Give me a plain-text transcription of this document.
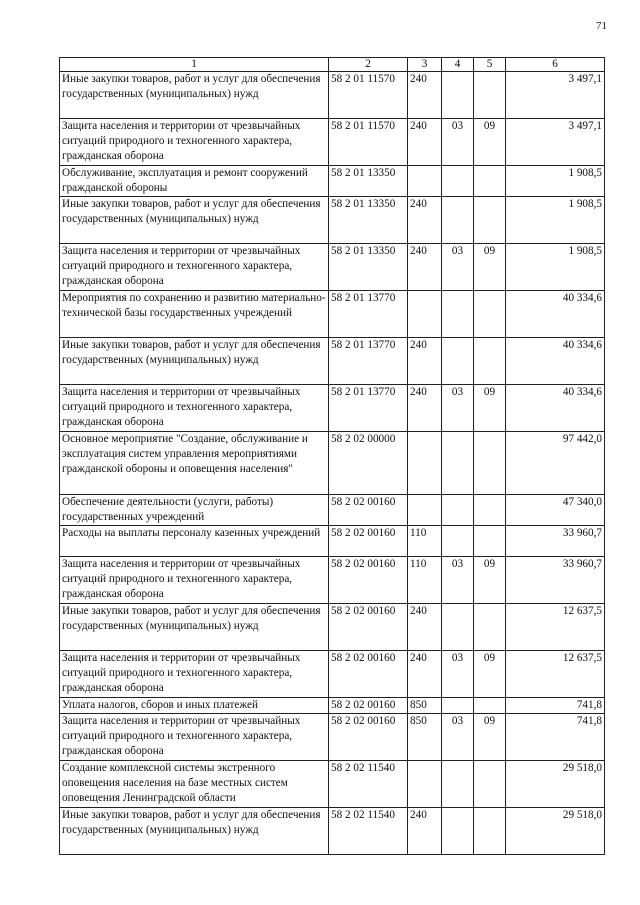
71
1	2	3	4	5	6
Иные закупки товаров, работ и услуг для обеспечения государственных (муниципальных) нужд	58 2 01 11570	240			3 497,1
Защита населения и территории от чрезвычайных ситуаций природного и техногенного характера, гражданская оборона	58 2 01 11570	240	03	09	3 497,1
Обслуживание, эксплуатация и ремонт сооружений гражданской обороны	58 2 01 13350				1 908,5
Иные закупки товаров, работ и услуг для обеспечения государственных (муниципальных) нужд	58 2 01 13350	240			1 908,5
Защита населения и территории от чрезвычайных ситуаций природного и техногенного характера, гражданская оборона	58 2 01 13350	240	03	09	1 908,5
Мероприятия по сохранению и развитию материально-технической базы государственных учреждений	58 2 01 13770				40 334,6
Иные закупки товаров, работ и услуг для обеспечения государственных (муниципальных) нужд	58 2 01 13770	240			40 334,6
Защита населения и территории от чрезвычайных ситуаций природного и техногенного характера, гражданская оборона	58 2 01 13770	240	03	09	40 334,6
Основное мероприятие "Создание, обслуживание и эксплуатация систем управления мероприятиями гражданской обороны и оповещения населения"	58 2 02 00000				97 442,0
Обеспечение деятельности (услуги, работы) государственных учреждений	58 2 02 00160				47 340,0
Расходы на выплаты персоналу казенных учреждений	58 2 02 00160	110			33 960,7
Защита населения и территории от чрезвычайных ситуаций природного и техногенного характера, гражданская оборона	58 2 02 00160	110	03	09	33 960,7
Иные закупки товаров, работ и услуг для обеспечения государственных (муниципальных) нужд	58 2 02 00160	240			12 637,5
Защита населения и территории от чрезвычайных ситуаций природного и техногенного характера, гражданская оборона	58 2 02 00160	240	03	09	12 637,5
Уплата налогов, сборов и иных платежей	58 2 02 00160	850			741,8
Защита населения и территории от чрезвычайных ситуаций природного и техногенного характера, гражданская оборона	58 2 02 00160	850	03	09	741,8
Создание комплексной системы экстренного оповещения населения на базе местных систем оповещения Ленинградской области	58 2 02 11540				29 518,0
Иные закупки товаров, работ и услуг для обеспечения государственных (муниципальных) нужд	58 2 02 11540	240			29 518,0
